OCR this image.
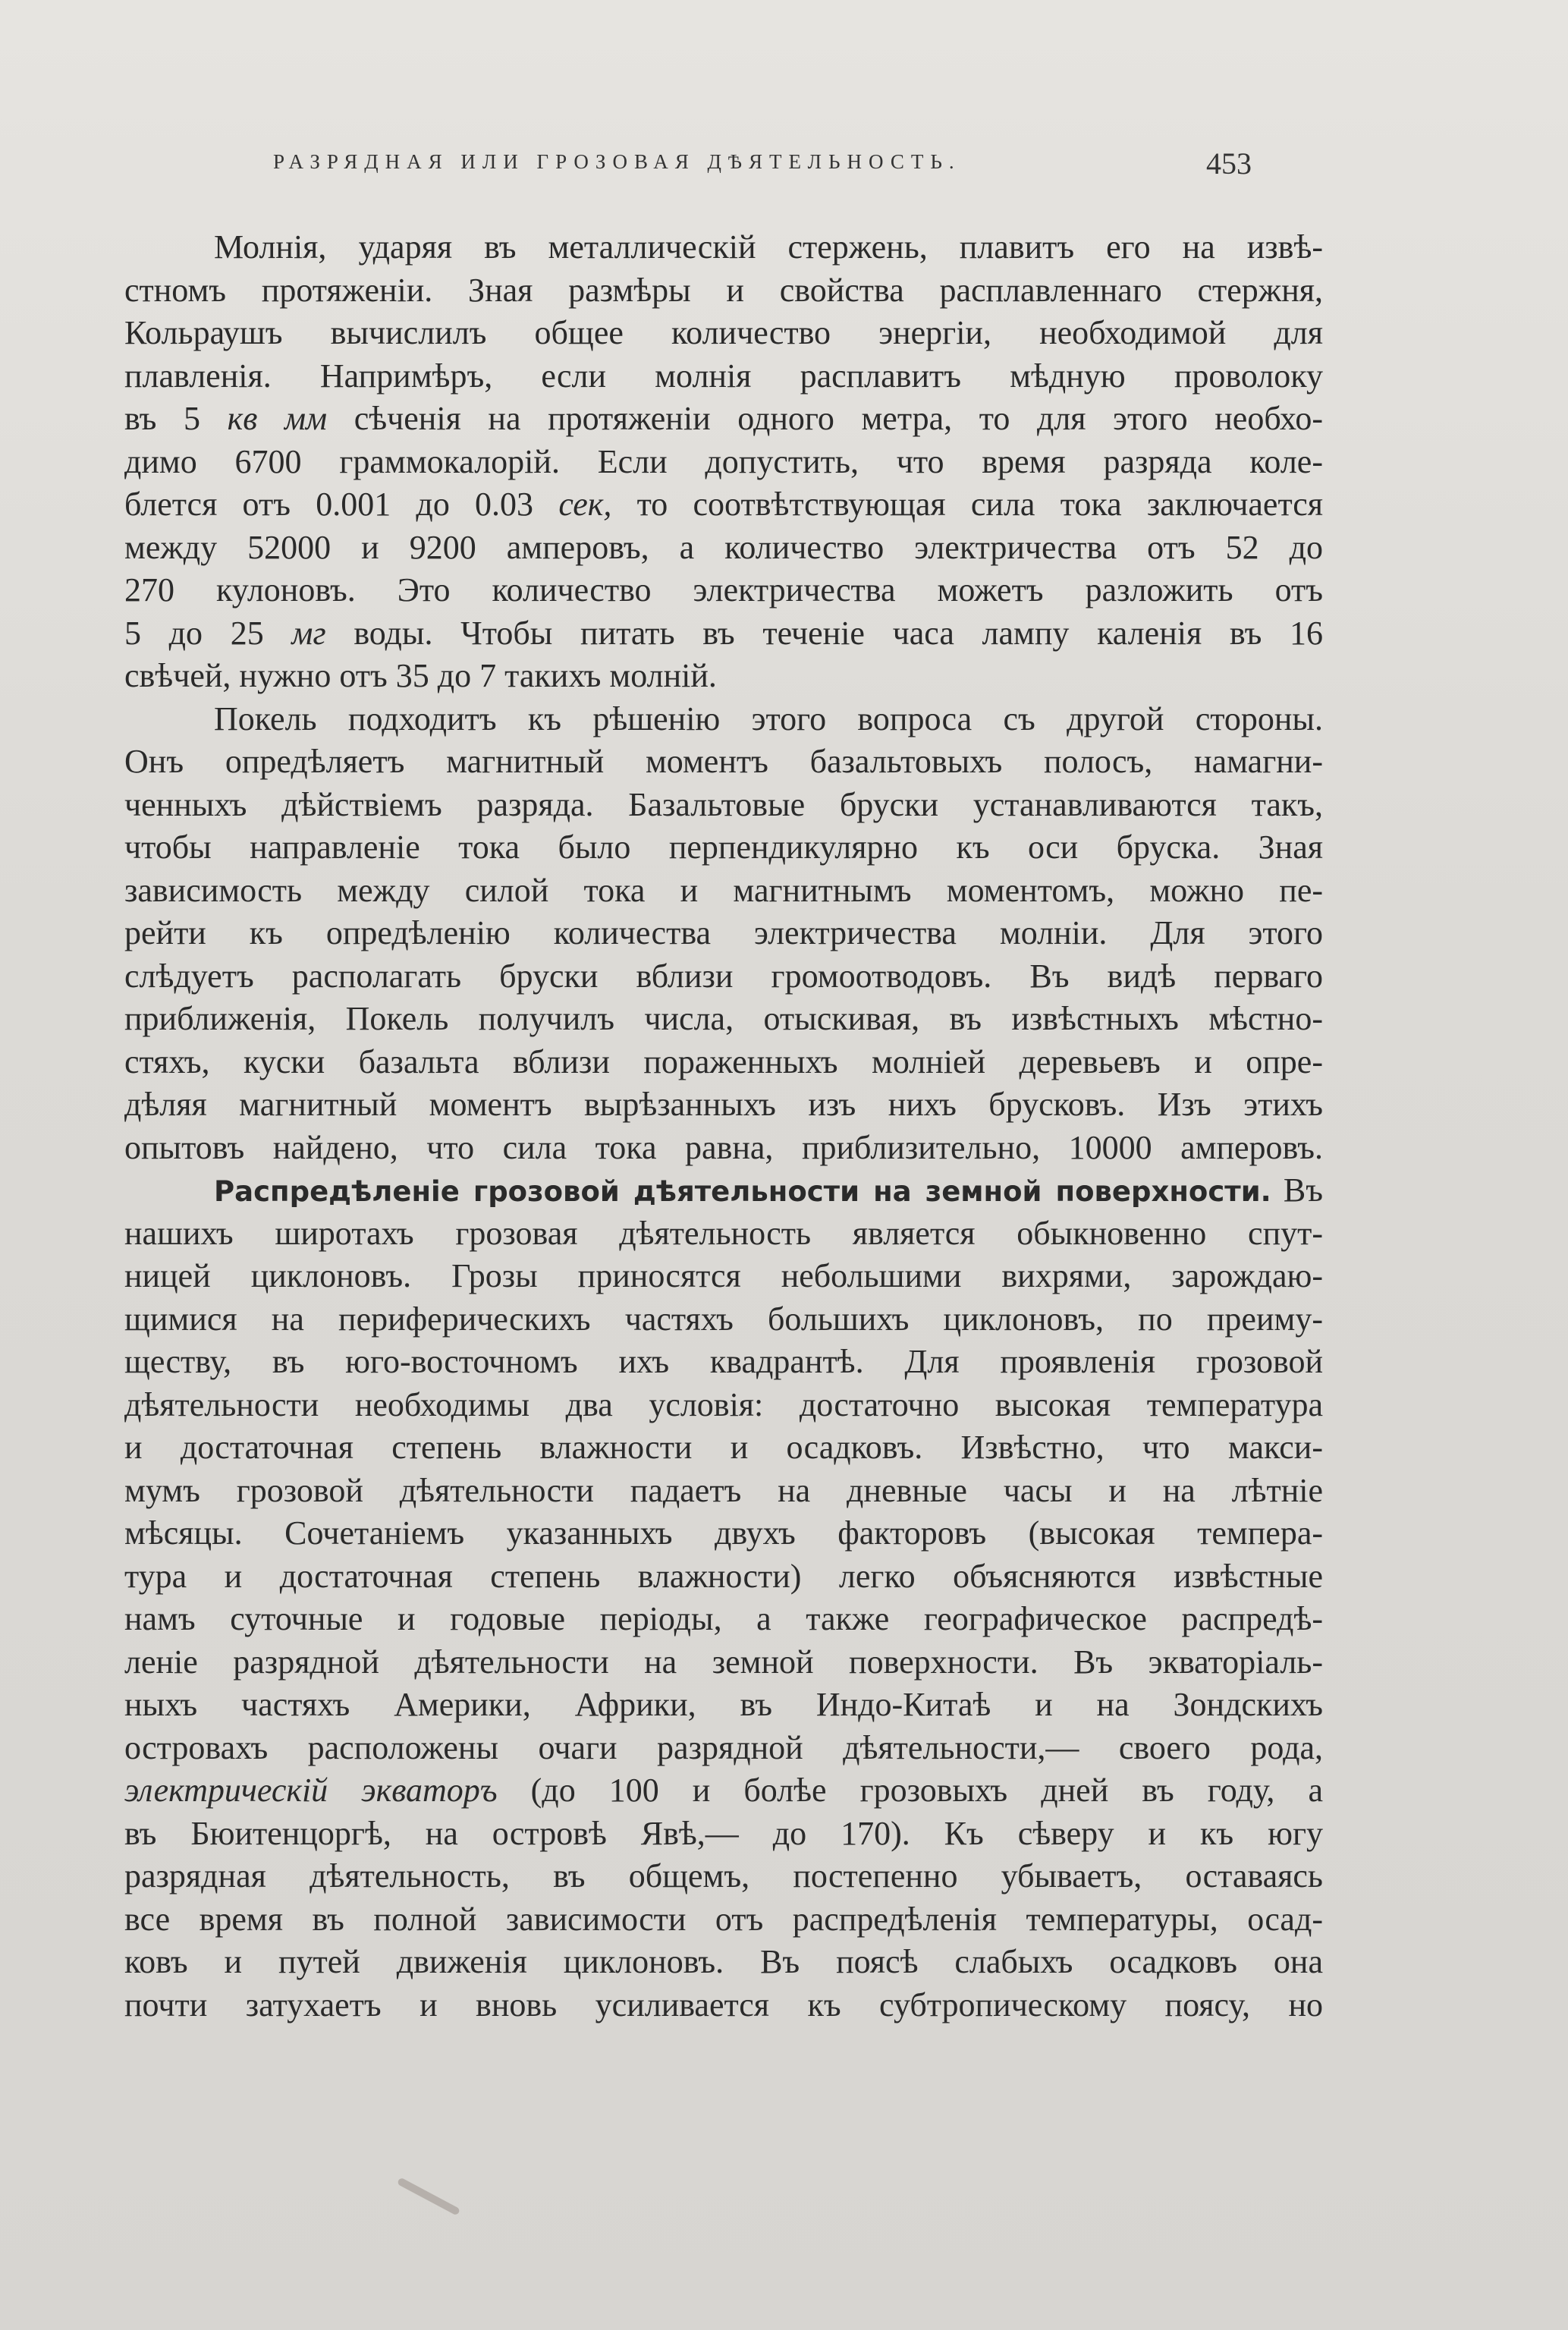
РАЗРЯДНАЯ ИЛИ ГРОЗОВАЯ ДѢЯТЕЛЬНОСТЬ.	453
Молнія, ударяя въ металлическій стержень, плавитъ его на извѣ-
стномъ протяженіи. Зная размѣры и свойства расплавленнаго стержня,
Кольраушъ вычислилъ общее количество энергіи, необходимой для
плавленія. Напримѣръ, если молнія расплавитъ мѣдную проволоку
въ 5 кв мм сѣченія на протяженіи одного метра, то для этого необхо-
димо 6700 граммокалорій. Если допустить, что время разряда коле-
блется отъ 0.001 до 0.03 сек, то соотвѣтствующая сила тока заключается
между 52000 и 9200 амперовъ, а количество электричества отъ 52 до
270 кулоновъ. Это количество электричества можетъ разложить отъ
5 до 25 мг воды. Чтобы питать въ теченіе часа лампу каленія въ 16
свѣчей, нужно отъ 35 до 7 такихъ молній.
Покель подходитъ къ рѣшенію этого вопроса съ другой стороны.
Онъ опредѣляетъ магнитный моментъ базальтовыхъ полосъ, намагни-
ченныхъ дѣйствіемъ разряда. Базальтовые бруски устанавливаются такъ,
чтобы направленіе тока было перпендикулярно къ оси бруска. Зная
зависимость между силой тока и магнитнымъ моментомъ, можно пе-
рейти къ опредѣленію количества электричества молніи. Для этого
слѣдуетъ располагать бруски вблизи громоотводовъ. Въ видѣ перваго
приближенія, Покель получилъ числа, отыскивая, въ извѣстныхъ мѣстно-
стяхъ, куски базальта вблизи пораженныхъ молніей деревьевъ и опре-
дѣляя магнитный моментъ вырѣзанныхъ изъ нихъ брусковъ. Изъ этихъ
опытовъ найдено, что сила тока равна, приблизительно, 10000 амперовъ.
Распредѣленіе грозовой дѣятельности на земной поверхности. Въ
нашихъ широтахъ грозовая дѣятельность является обыкновенно спут-
ницей циклоновъ. Грозы приносятся небольшими вихрями, зарождаю-
щимися на периферическихъ частяхъ большихъ циклоновъ, по преиму-
ществу, въ юго-восточномъ ихъ квадрантѣ. Для проявленія грозовой
дѣятельности необходимы два условія: достаточно высокая температура
и достаточная степень влажности и осадковъ. Извѣстно, что макси-
мумъ грозовой дѣятельности падаетъ на дневные часы и на лѣтніе
мѣсяцы. Сочетаніемъ указанныхъ двухъ факторовъ (высокая темпера-
тура и достаточная степень влажности) легко объясняются извѣстные
намъ суточные и годовые періоды, а также географическое распредѣ-
леніе разрядной дѣятельности на земной поверхности. Въ экваторіаль-
ныхъ частяхъ Америки, Африки, въ Индо-Китаѣ и на Зондскихъ
островахъ расположены очаги разрядной дѣятельности,— своего рода,
электрическій экваторъ (до 100 и болѣе грозовыхъ дней въ году, а
въ Бюитенцоргѣ, на островѣ Явѣ,— до 170). Къ сѣверу и къ югу
разрядная дѣятельность, въ общемъ, постепенно убываетъ, оставаясь
все время въ полной зависимости отъ распредѣленія температуры, осад-
ковъ и путей движенія циклоновъ. Въ поясѣ слабыхъ осадковъ она
почти затухаетъ и вновь усиливается къ субтропическому поясу, но
